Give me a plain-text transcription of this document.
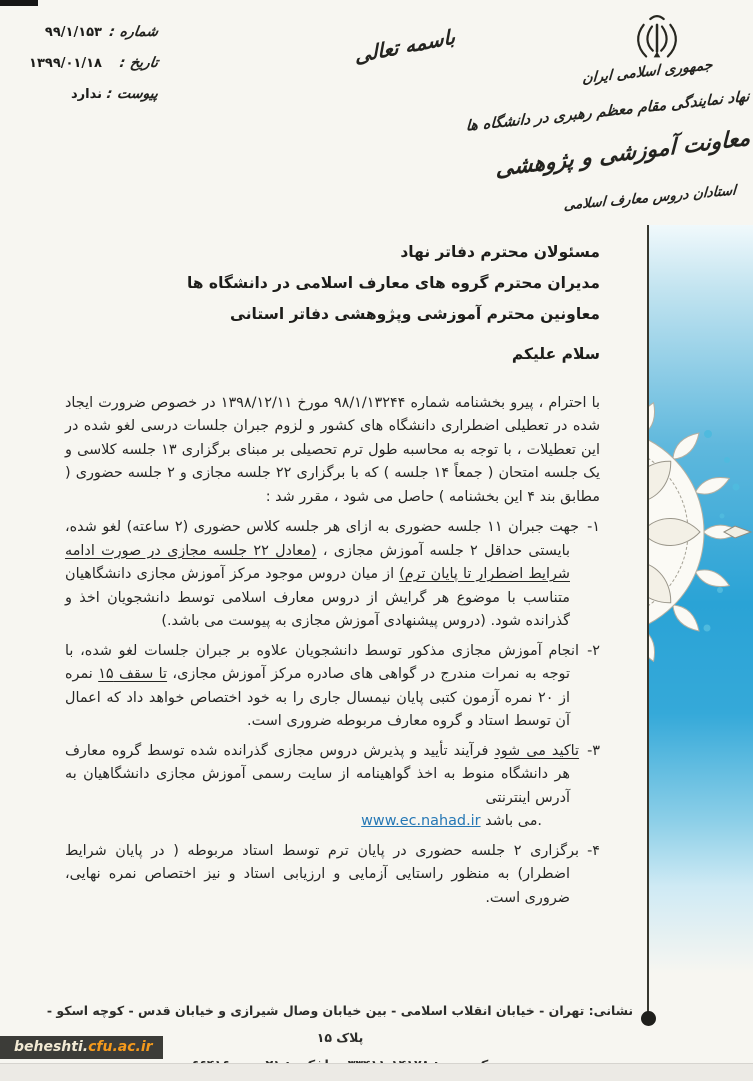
شماره :
۹۹/۱/۱۵۳
تاریخ :
۱۳۹۹/۰۱/۱۸
پیوست :
ندارد
باسمه تعالی
جمهوری اسلامی ایران
نهاد نمایندگی مقام معظم رهبری در دانشگاه ها
معاونت آموزشی و پژوهشی
استادان دروس معارف اسلامی
مسئولان محترم دفاتر نهاد
مدیران محترم گروه های معارف اسلامی در دانشگاه ها
معاونین محترم آموزشی وپژوهشی دفاتر استانی
سلام علیکم
با احترام ، پیرو بخشنامه شماره ۹۸/۱/۱۳۲۴۴ مورخ ۱۳۹۸/۱۲/۱۱ در خصوص ضرورت ایجاد شده در تعطیلی اضطراری دانشگاه های کشور و لزوم جبران جلسات درسی لغو شده در این تعطیلات ، با توجه به محاسبه طول ترم تحصیلی بر مبنای برگزاری ۱۳ جلسه کلاسی و یک جلسه امتحان ( جمعاً ۱۴ جلسه ) که با برگزاری ۲۲ جلسه مجازی و ۲ جلسه حضوری ( مطابق بند ۴ این بخشنامه ) حاصل می شود ، مقرر شد :
۱-جهت جبران ۱۱ جلسه حضوری به ازای هر جلسه کلاس حضوری (۲ ساعته) لغو شده، بایستی حداقل ۲ جلسه آموزش مجازی ، (معادل ۲۲ جلسه مجازی در صورت ادامه شرایط اضطرار تا پایان ترم) از میان دروس موجود مرکز آموزش مجازی دانشگاهیان متناسب با موضوع هر گرایش از دروس معارف اسلامی توسط دانشجویان اخذ و گذرانده شود. (دروس پیشنهادی آموزش مجازی به پیوست می باشد.)
۲-انجام آموزش مجازی مذکور توسط دانشجویان علاوه بر جبران جلسات لغو شده، با توجه به نمرات مندرج در گواهی های صادره مرکز آموزش مجازی، تا سقف ۱۵ نمره از ۲۰ نمره آزمون کتبی پایان نیمسال جاری را به خود اختصاص خواهد داد که اعمال آن توسط استاد و گروه معارف مربوطه ضروری است.
۳-تاکید می شود فرآیند تأیید و پذیرش دروس مجازی گذرانده شده توسط گروه معارف هر دانشگاه منوط به اخذ گواهینامه از سایت رسمی آموزش مجازی دانشگاهیان به آدرس اینترنتی
www.ec.nahad.ir می باشد.
۴-برگزاری ۲ جلسه حضوری در پایان ترم توسط استاد مربوطه ( در پایان شرایط اضطرار) به منظور راستایی آزمایی و ارزیابی استاد و نیز اختصاص نمره نهایی، ضروری است.
نشانی: تهران - خیابان انقلاب اسلامی - بین خیابان وصال شیرازی و خیابان قدس - کوچه اسکو - پلاک ۱۵
beheshti.cfu.ac.ir
